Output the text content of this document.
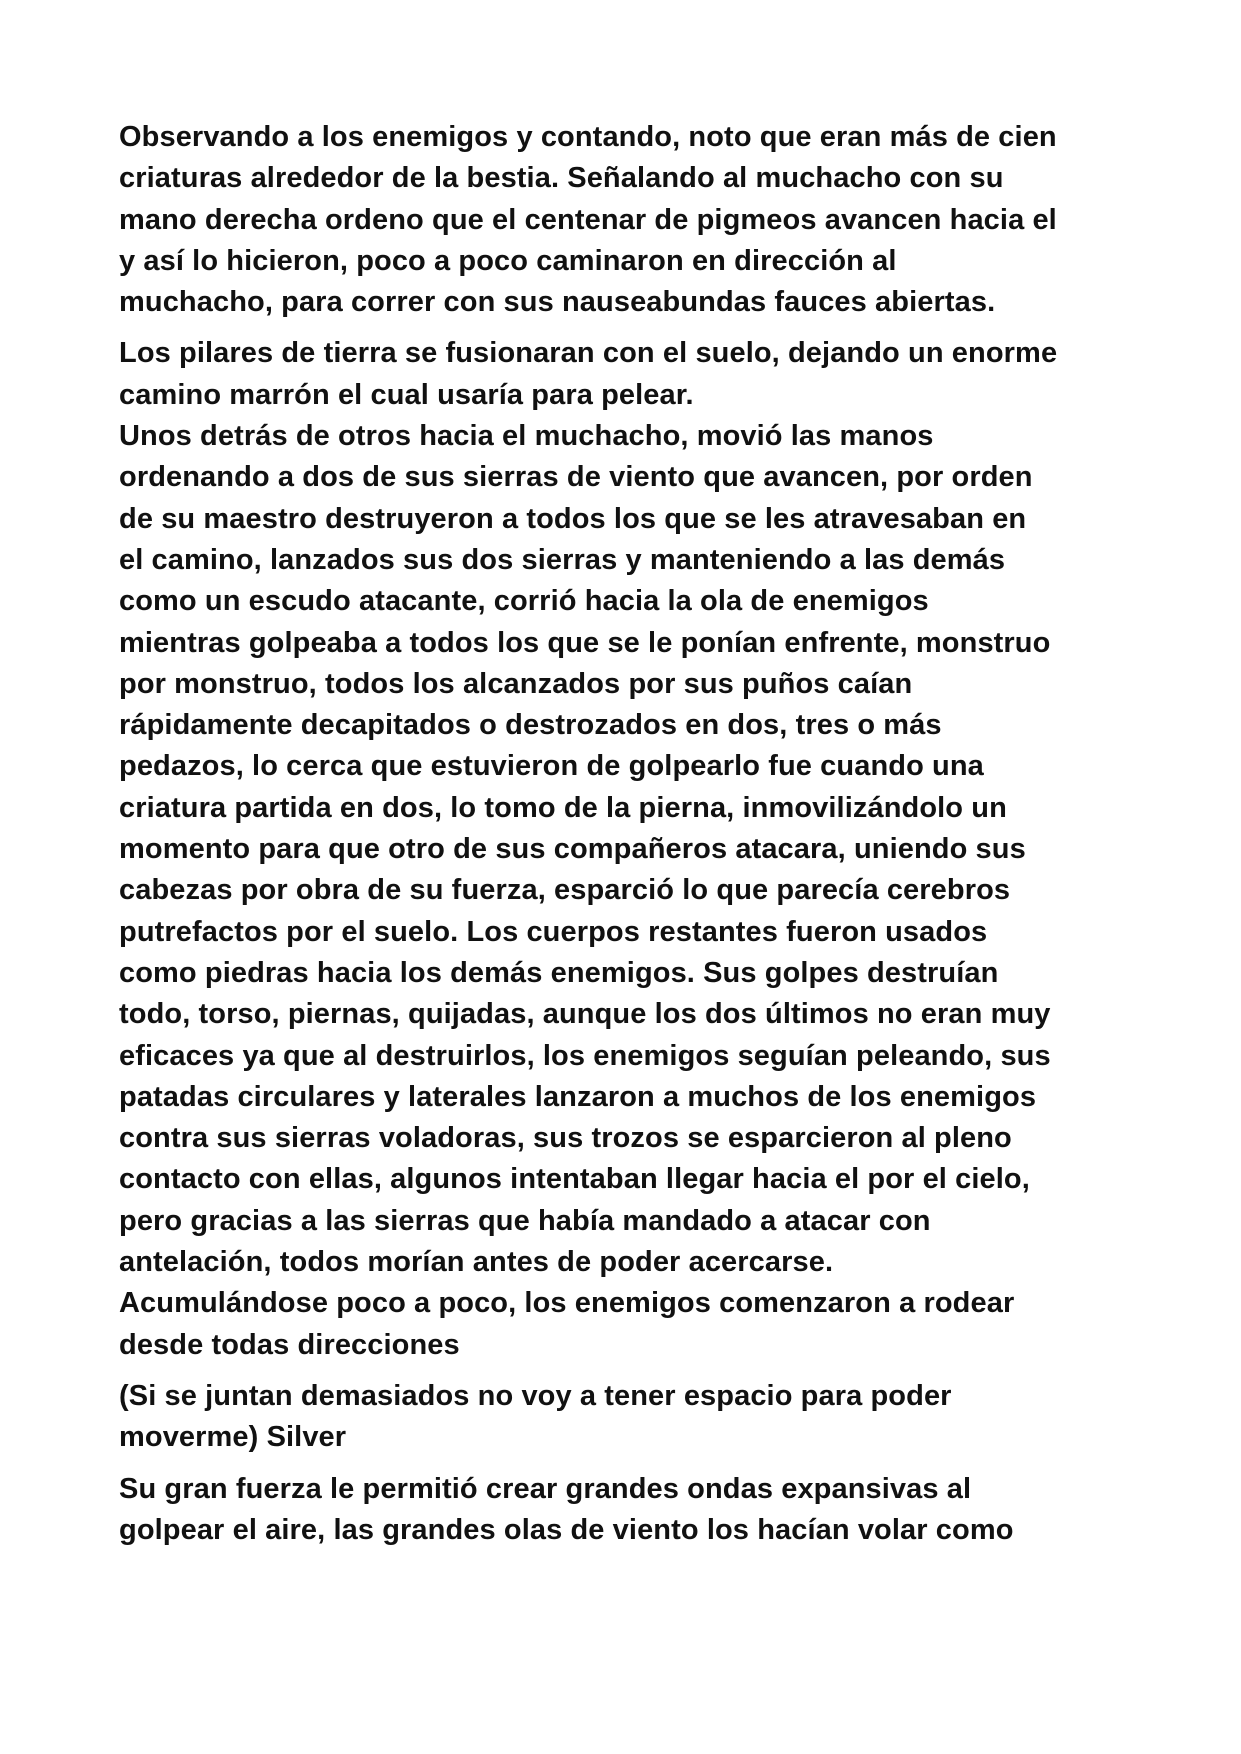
Observando a los enemigos y contando, noto que eran más de cien
criaturas alrededor de la bestia. Señalando al muchacho con su
mano derecha ordeno que el centenar de pigmeos avancen hacia el
y así lo hicieron, poco a poco caminaron en dirección al
muchacho, para correr con sus nauseabundas fauces abiertas.

Los pilares de tierra se fusionaran con el suelo, dejando un enorme
camino marrón el cual usaría para pelear.
Unos detrás de otros hacia el muchacho, movió las manos
ordenando a dos de sus sierras de viento que avancen, por orden
de su maestro destruyeron a todos los que se les atravesaban en
el camino, lanzados sus dos sierras y manteniendo a las demás
como un escudo atacante, corrió hacia la ola de enemigos
mientras golpeaba a todos los que se le ponían enfrente, monstruo
por monstruo, todos los alcanzados por sus puños caían
rápidamente decapitados o destrozados en dos, tres o más
pedazos, lo cerca que estuvieron de golpearlo fue cuando una
criatura partida en dos, lo tomo de la pierna, inmovilizándolo un
momento para que otro de sus compañeros atacara, uniendo sus
cabezas por obra de su fuerza, esparció lo que parecía cerebros
putrefactos por el suelo. Los cuerpos restantes fueron usados
como piedras hacia los demás enemigos. Sus golpes destruían
todo, torso, piernas, quijadas, aunque los dos últimos no eran muy
eficaces ya que al destruirlos, los enemigos seguían peleando, sus
patadas circulares y laterales lanzaron a muchos de los enemigos
contra sus sierras voladoras, sus trozos se esparcieron al pleno
contacto con ellas, algunos intentaban llegar hacia el por el cielo,
pero gracias a las sierras que había mandado a atacar con
antelación, todos morían antes de poder acercarse.
Acumulándose poco a poco, los enemigos comenzaron a rodear
desde todas direcciones

(Si se juntan demasiados no voy a tener espacio para poder
moverme) Silver

Su gran fuerza le permitió crear grandes ondas expansivas al
golpear el aire, las grandes olas de viento los hacían volar como
